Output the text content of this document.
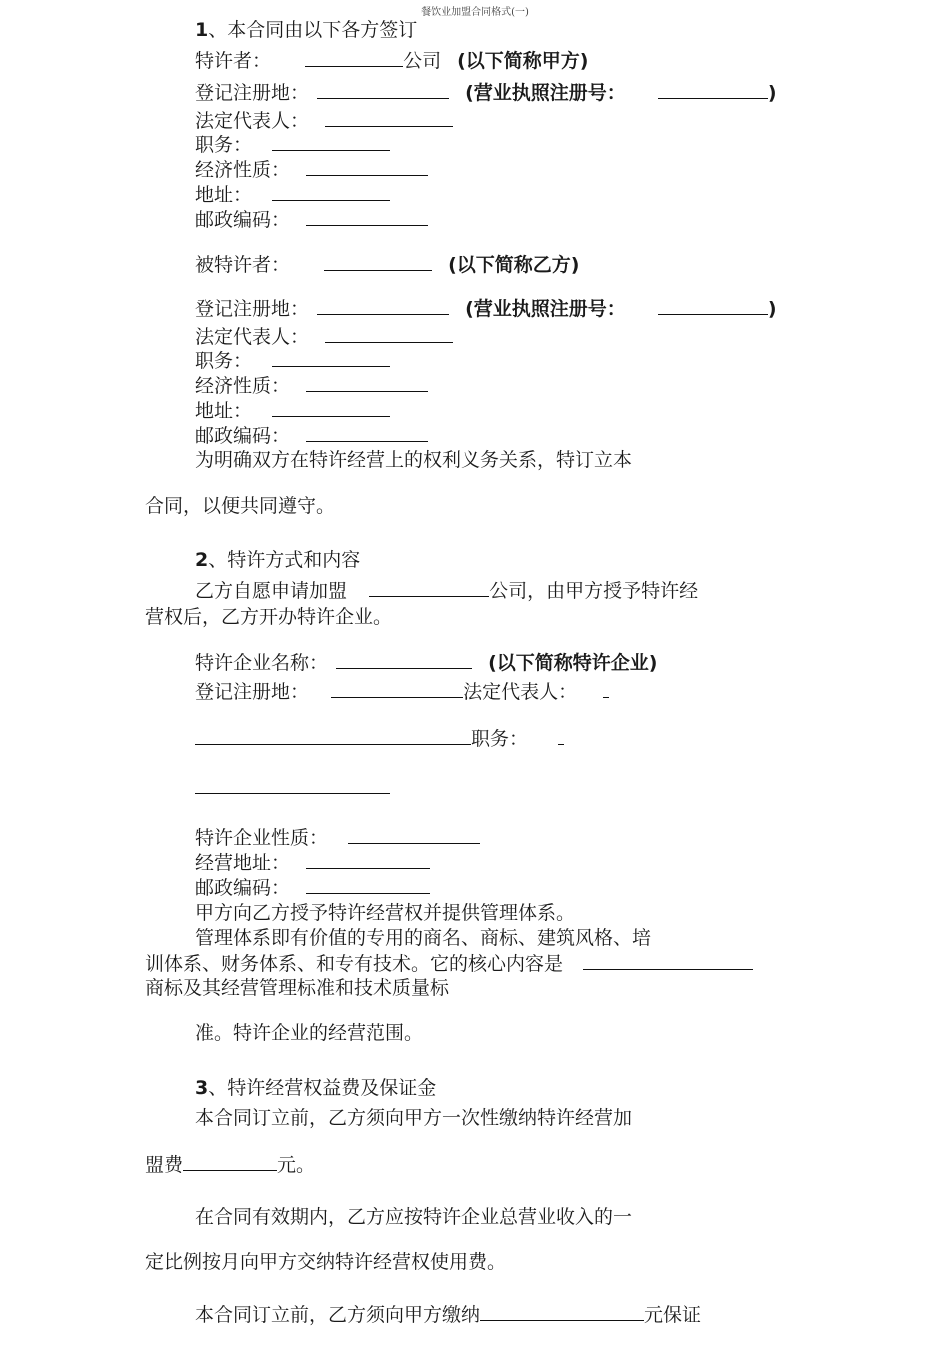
餐饮业加盟合同格式(一)
1、本合同由以下各方签订
特许者：	公司 (以下简称甲方)
登记注册地：	(营业执照注册号：	)
法定代表人：
职务：
经济性质：
地址：
邮政编码：
被特许者：	(以下简称乙方)
登记注册地：	(营业执照注册号：	)
法定代表人：
职务：
经济性质：
地址：
邮政编码：
为明确双方在特许经营上的权利义务关系，特订立本
合同，以便共同遵守。
2、特许方式和内容
乙方自愿申请加盟	公司，由甲方授予特许经
营权后，乙方开办特许企业。
特许企业名称：	(以下简称特许企业)
登记注册地：	法定代表人：
职务：
特许企业性质：
经营地址：
邮政编码：
甲方向乙方授予特许经营权并提供管理体系。
管理体系即有价值的专用的商名、商标、建筑风格、培
训体系、财务体系、和专有技术。它的核心内容是
商标及其经营管理标准和技术质量标
准。特许企业的经营范围。
3、特许经营权益费及保证金
本合同订立前，乙方须向甲方一次性缴纳特许经营加
盟费	元。
在合同有效期内，乙方应按特许企业总营业收入的一
定比例按月向甲方交纳特许经营权使用费。
本合同订立前，乙方须向甲方缴纳	元保证
